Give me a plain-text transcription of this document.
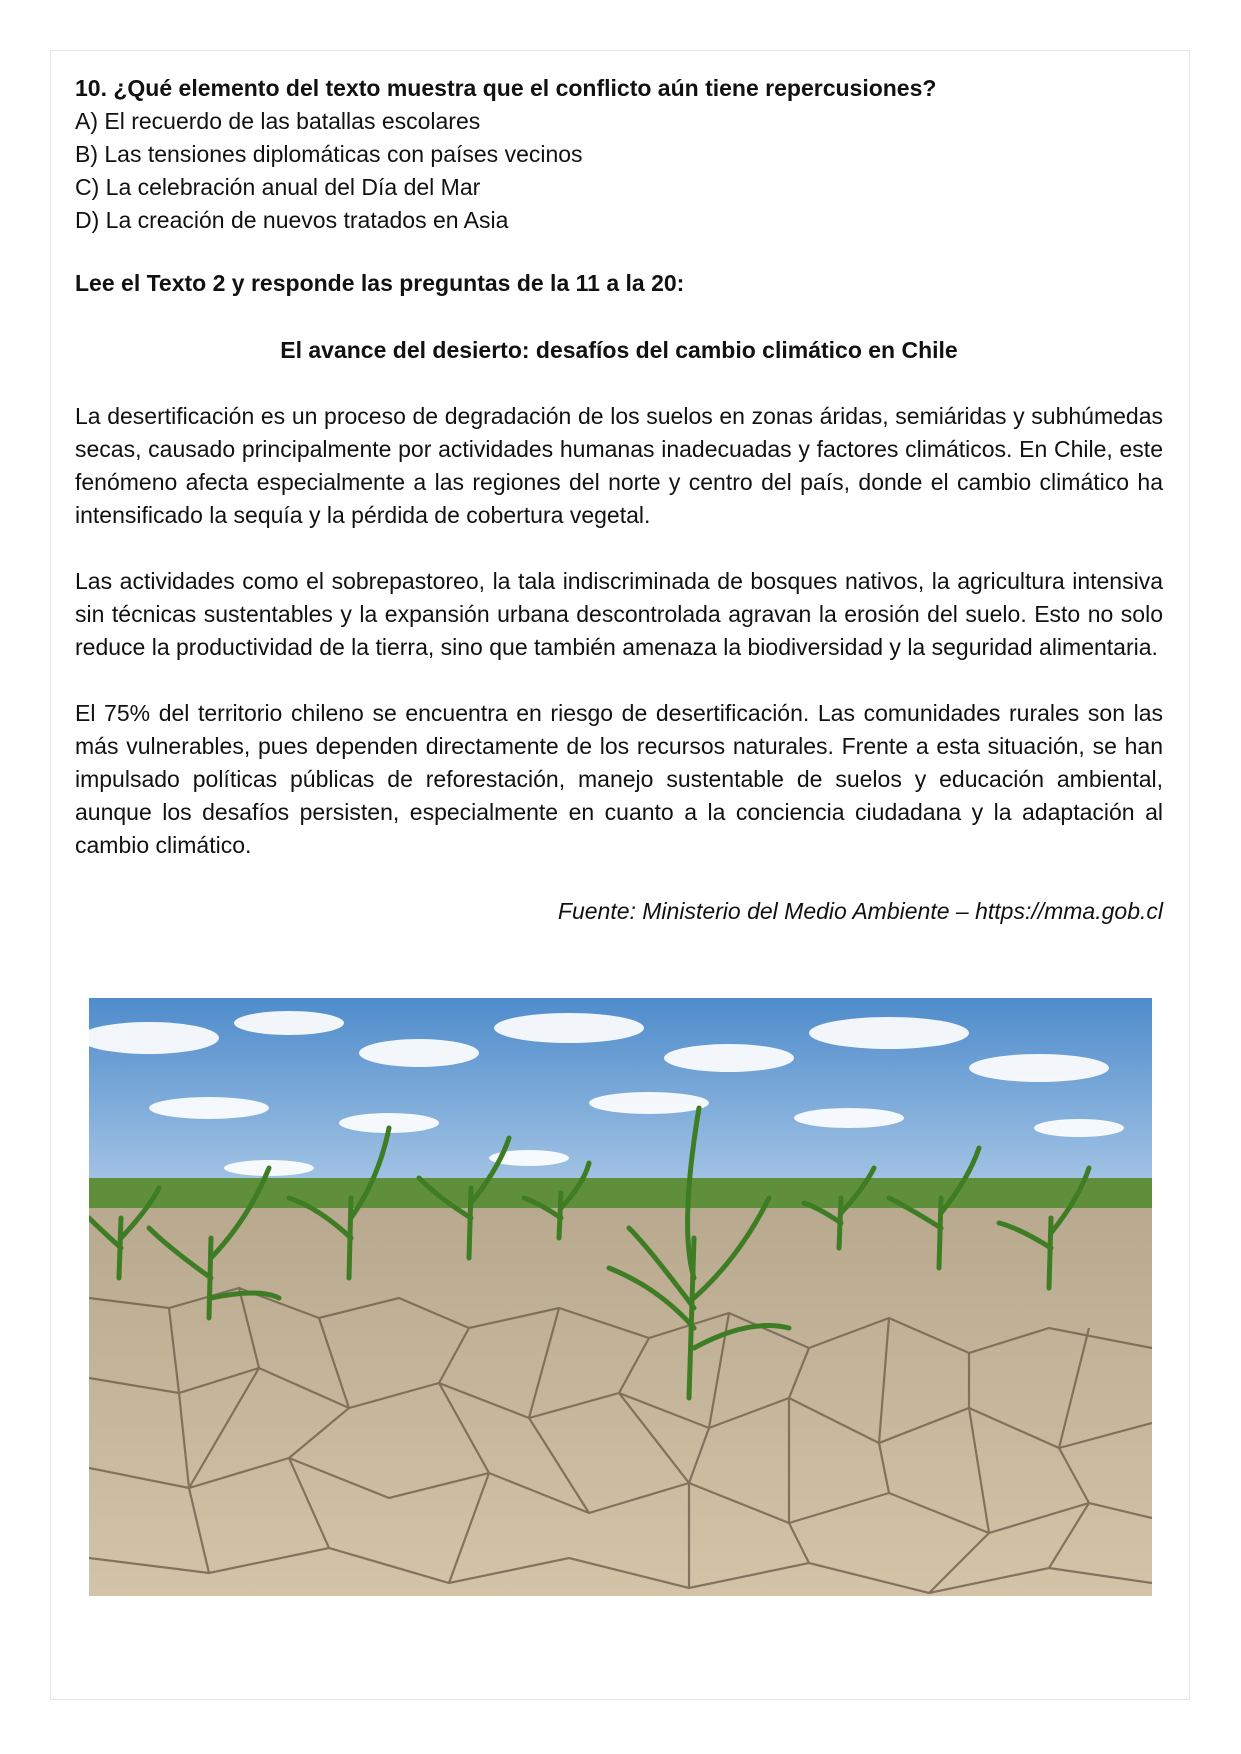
10. ¿Qué elemento del texto muestra que el conflicto aún tiene repercusiones?

A) El recuerdo de las batallas escolares

B) Las tensiones diplomáticas con países vecinos

C) La celebración anual del Día del Mar

D) La creación de nuevos tratados en Asia

Lee el Texto 2 y responde las preguntas de la 11 a la 20:
El avance del desierto: desafíos del cambio climático en Chile

La desertificación es un proceso de degradación de los suelos en zonas áridas, semiáridas y subhúmedas secas, causado principalmente por actividades humanas inadecuadas y factores climáticos. En Chile, este fenómeno afecta especialmente a las regiones del norte y centro del país, donde el cambio climático ha intensificado la sequía y la pérdida de cobertura vegetal.

Las actividades como el sobrepastoreo, la tala indiscriminada de bosques nativos, la agricultura intensiva sin técnicas sustentables y la expansión urbana descontrolada agravan la erosión del suelo. Esto no solo reduce la productividad de la tierra, sino que también amenaza la biodiversidad y la seguridad alimentaria.

El 75% del territorio chileno se encuentra en riesgo de desertificación. Las comunidades rurales son las más vulnerables, pues dependen directamente de los recursos naturales. Frente a esta situación, se han impulsado políticas públicas de reforestación, manejo sustentable de suelos y educación ambiental, aunque los desafíos persisten, especialmente en cuanto a la conciencia ciudadana y la adaptación al cambio climático.

Fuente: Ministerio del Medio Ambiente – https://mma.gob.cl
